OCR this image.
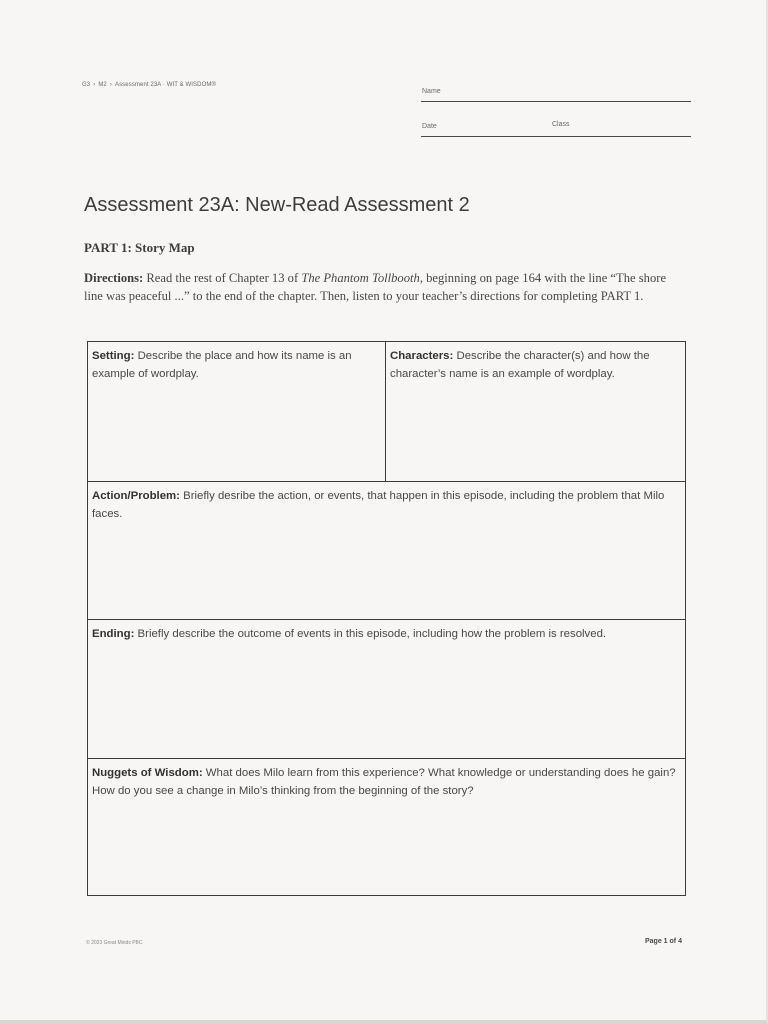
G3 › M2 › Assessment 23A · WIT & WISDOM®
Name
Date	Class
Assessment 23A: New-Read Assessment 2
PART 1: Story Map
Directions: Read the rest of Chapter 13 of The Phantom Tollbooth, beginning on page 164 with the line “The shore line was peaceful ...” to the end of the chapter. Then, listen to your teacher’s directions for completing PART 1.
Setting: Describe the place and how its name is an example of wordplay.
Characters: Describe the character(s) and how the character’s name is an example of wordplay.
Action/Problem: Briefly desribe the action, or events, that happen in this episode, including the problem that Milo faces.
Ending: Briefly describe the outcome of events in this episode, including how the problem is resolved.
Nuggets of Wisdom: What does Milo learn from this experience? What knowledge or understanding does he gain? How do you see a change in Milo’s thinking from the beginning of the story?
© 2023 Great Minds PBC	Page 1 of 4
